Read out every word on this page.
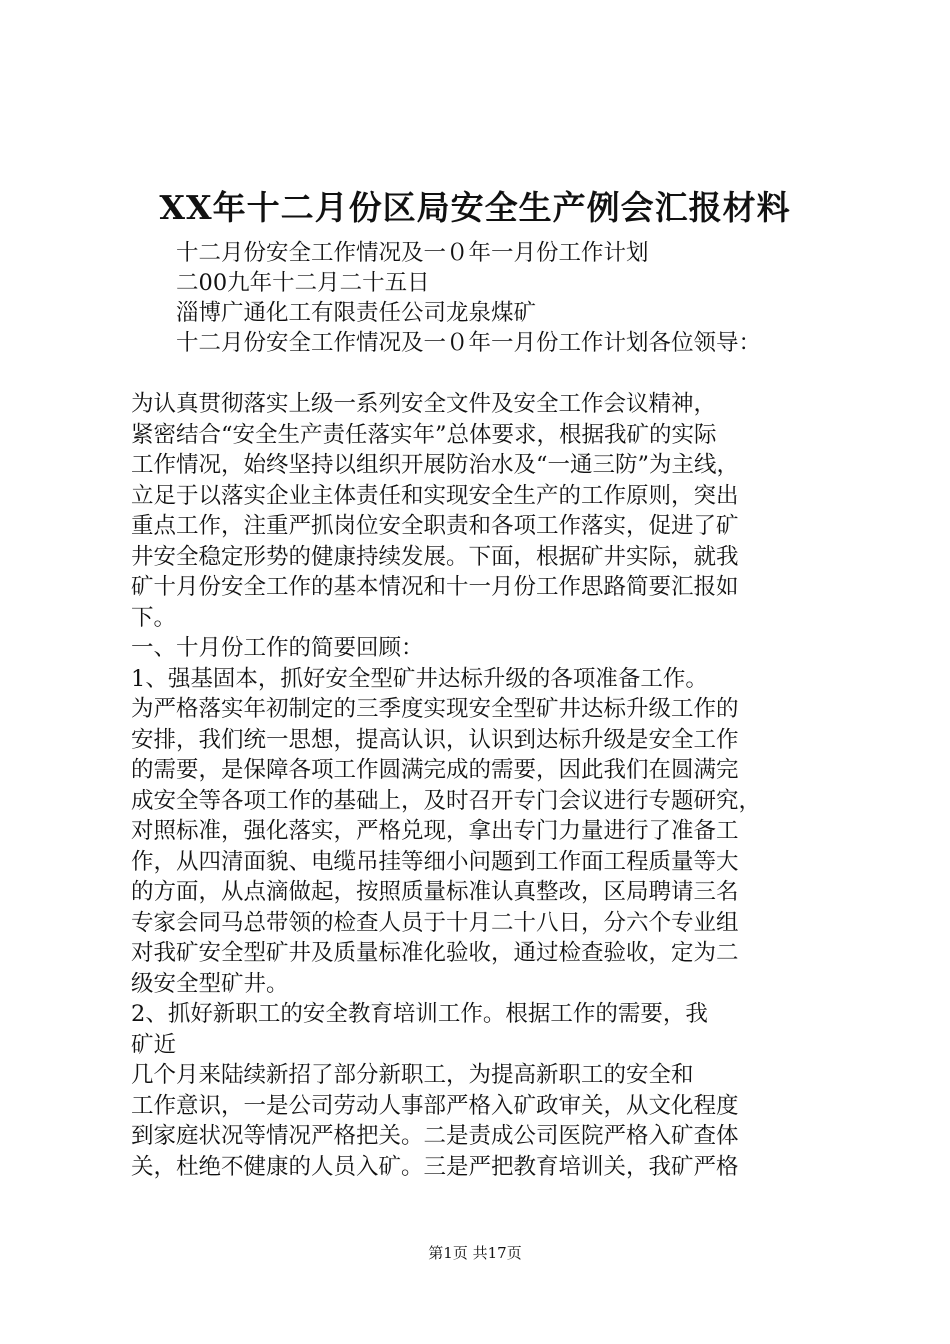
XX年十二月份区局安全生产例会汇报材料
十二月份安全工作情况及一０年一月份工作计划
二00九年十二月二十五日
淄博广通化工有限责任公司龙泉煤矿
十二月份安全工作情况及一０年一月份工作计划各位领导：
为认真贯彻落实上级一系列安全文件及安全工作会议精神，
紧密结合“安全生产责任落实年”总体要求，根据我矿的实际
工作情况，始终坚持以组织开展防治水及“一通三防”为主线，
立足于以落实企业主体责任和实现安全生产的工作原则，突出
重点工作，注重严抓岗位安全职责和各项工作落实，促进了矿
井安全稳定形势的健康持续发展。下面，根据矿井实际，就我
矿十月份安全工作的基本情况和十一月份工作思路简要汇报如
下。
一、十月份工作的简要回顾：
1、强基固本，抓好安全型矿井达标升级的各项准备工作。
为严格落实年初制定的三季度实现安全型矿井达标升级工作的
安排，我们统一思想，提高认识，认识到达标升级是安全工作
的需要，是保障各项工作圆满完成的需要，因此我们在圆满完
成安全等各项工作的基础上，及时召开专门会议进行专题研究，
对照标准，强化落实，严格兑现，拿出专门力量进行了准备工
作，从四清面貌、电缆吊挂等细小问题到工作面工程质量等大
的方面，从点滴做起，按照质量标准认真整改，区局聘请三名
专家会同马总带领的检查人员于十月二十八日，分六个专业组
对我矿安全型矿井及质量标准化验收，通过检查验收，定为二
级安全型矿井。
2、抓好新职工的安全教育培训工作。根据工作的需要，我
矿近
几个月来陆续新招了部分新职工，为提高新职工的安全和
工作意识，一是公司劳动人事部严格入矿政审关，从文化程度
到家庭状况等情况严格把关。二是责成公司医院严格入矿查体
关，杜绝不健康的人员入矿。三是严把教育培训关，我矿严格
第1页 共17页
